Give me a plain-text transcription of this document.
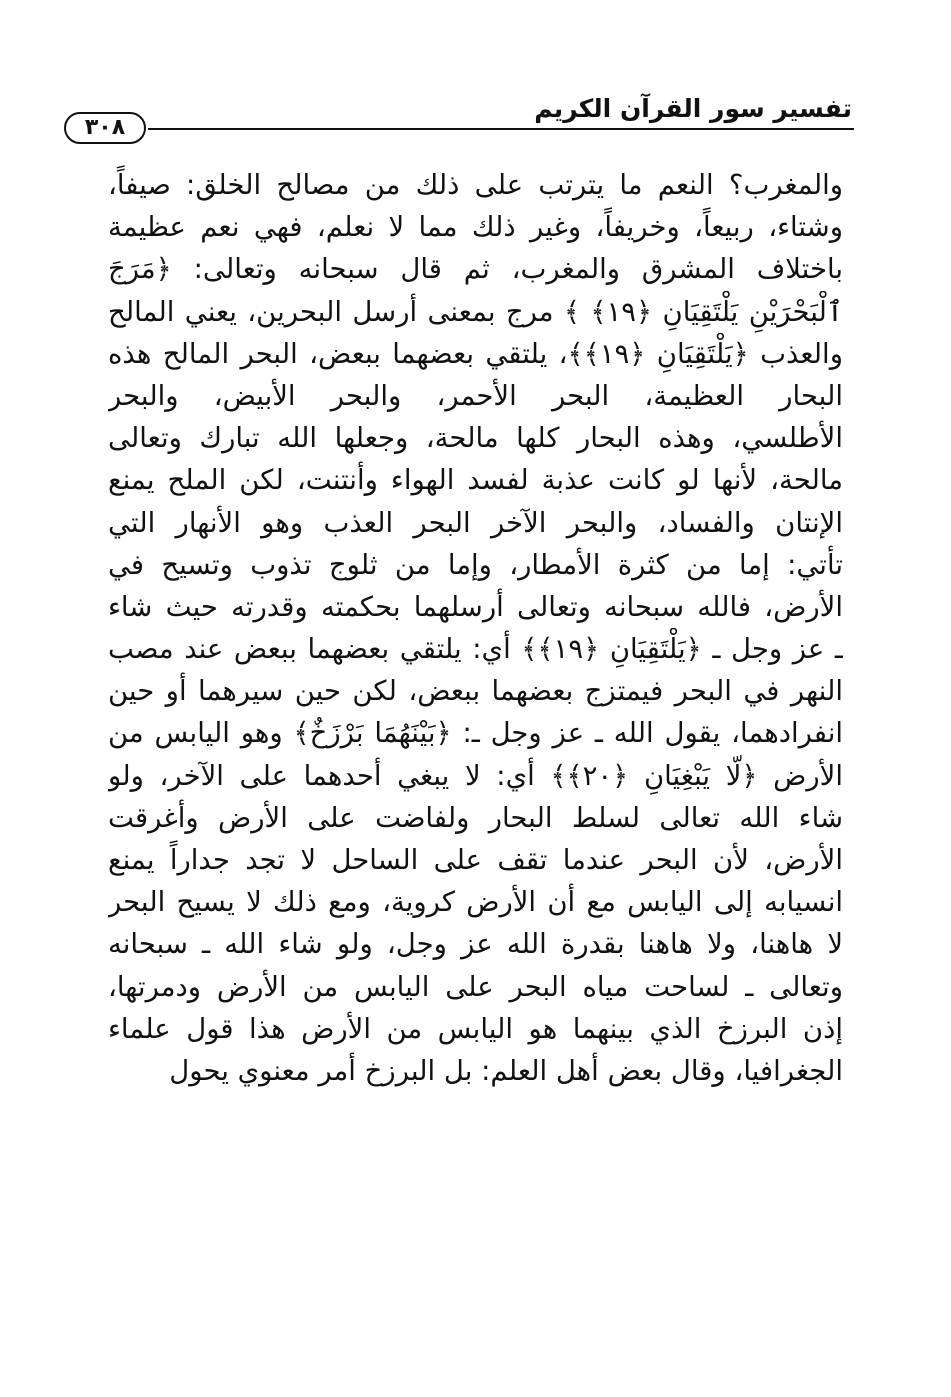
تفسير سور القرآن الكريم
٣٠٨
والمغرب؟ النعم ما يترتب على ذلك من مصالح الخلق: صيفاً،
وشتاء، ربيعاً، وخريفاً، وغير ذلك مما لا نعلم، فهي نعم عظيمة
باختلاف المشرق والمغرب، ثم قال سبحانه وتعالى: ﴿مَرَجَ
ٱلْبَحْرَيْنِ يَلْتَقِيَانِ ﴿١٩﴾ ﴾ مرج بمعنى أرسل البحرين، يعني المالح
والعذب ﴿يَلْتَقِيَانِ ﴿١٩﴾﴾، يلتقي بعضهما ببعض، البحر المالح هذه
البحار العظيمة، البحر الأحمر، والبحر الأبيض، والبحر
الأطلسي، وهذه البحار كلها مالحة، وجعلها الله تبارك وتعالى
مالحة، لأنها لو كانت عذبة لفسد الهواء وأنتنت، لكن الملح يمنع
الإنتان والفساد، والبحر الآخر البحر العذب وهو الأنهار التي
تأتي: إما من كثرة الأمطار، وإما من ثلوج تذوب وتسيح في
الأرض، فالله سبحانه وتعالى أرسلهما بحكمته وقدرته حيث شاء
ـ عز وجل ـ ﴿يَلْتَقِيَانِ ﴿١٩﴾﴾ أي: يلتقي بعضهما ببعض عند مصب
النهر في البحر فيمتزج بعضهما ببعض، لكن حين سيرهما أو حين
انفرادهما، يقول الله ـ عز وجل ـ: ﴿بَيْنَهُمَا بَرْزَخٌ﴾ وهو اليابس من
الأرض ﴿لَّا يَبْغِيَانِ ﴿٢٠﴾﴾ أي: لا يبغي أحدهما على الآخر، ولو
شاء الله تعالى لسلط البحار ولفاضت على الأرض وأغرقت
الأرض، لأن البحر عندما تقف على الساحل لا تجد جداراً يمنع
انسيابه إلى اليابس مع أن الأرض كروية، ومع ذلك لا يسيح البحر
لا هاهنا، ولا هاهنا بقدرة الله عز وجل، ولو شاء الله ـ سبحانه
وتعالى ـ لساحت مياه البحر على اليابس من الأرض ودمرتها،
إذن البرزخ الذي بينهما هو اليابس من الأرض هذا قول علماء
الجغرافيا، وقال بعض أهل العلم: بل البرزخ أمر معنوي يحول
